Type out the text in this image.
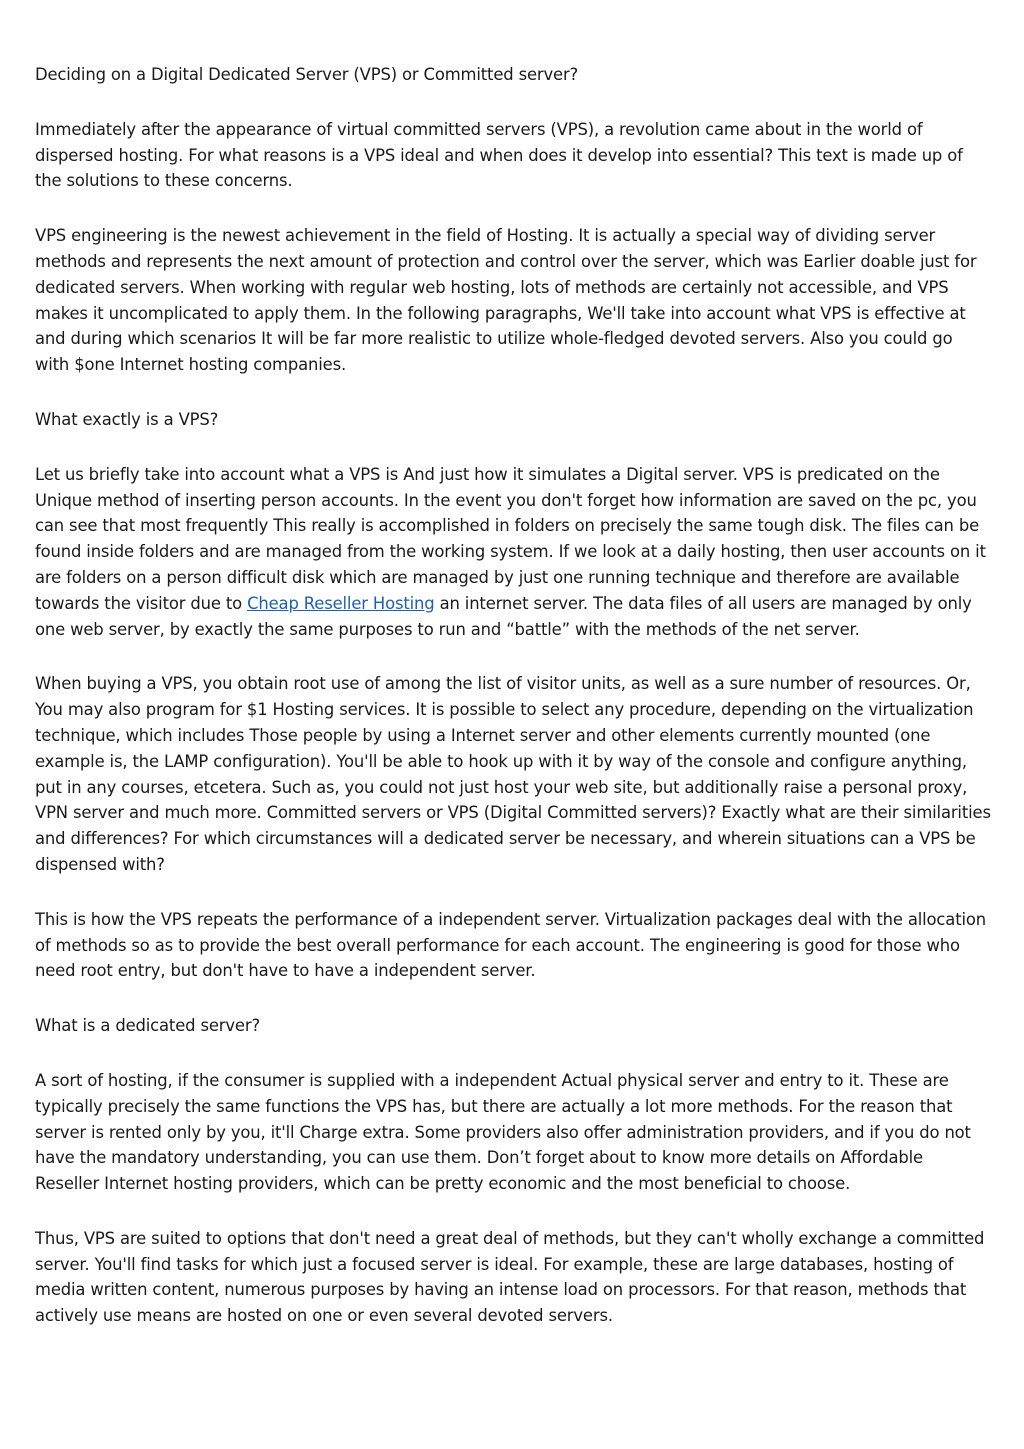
Deciding on a Digital Dedicated Server (VPS) or Committed server?

Immediately after the appearance of virtual committed servers (VPS), a revolution came about in the world of dispersed hosting. For what reasons is a VPS ideal and when does it develop into essential? This text is made up of the solutions to these concerns.

VPS engineering is the newest achievement in the field of Hosting. It is actually a special way of dividing server methods and represents the next amount of protection and control over the server, which was Earlier doable just for dedicated servers. When working with regular web hosting, lots of methods are certainly not accessible, and VPS makes it uncomplicated to apply them. In the following paragraphs, We'll take into account what VPS is effective at and during which scenarios It will be far more realistic to utilize whole-fledged devoted servers. Also you could go with $one Internet hosting companies.

What exactly is a VPS?

Let us briefly take into account what a VPS is And just how it simulates a Digital server. VPS is predicated on the Unique method of inserting person accounts. In the event you don't forget how information are saved on the pc, you can see that most frequently This really is accomplished in folders on precisely the same tough disk. The files can be found inside folders and are managed from the working system. If we look at a daily hosting, then user accounts on it are folders on a person difficult disk which are managed by just one running technique and therefore are available towards the visitor due to Cheap Reseller Hosting an internet server. The data files of all users are managed by only one web server, by exactly the same purposes to run and “battle” with the methods of the net server.

When buying a VPS, you obtain root use of among the list of visitor units, as well as a sure number of resources. Or, You may also program for $1 Hosting services. It is possible to select any procedure, depending on the virtualization technique, which includes Those people by using a Internet server and other elements currently mounted (one example is, the LAMP configuration). You'll be able to hook up with it by way of the console and configure anything, put in any courses, etcetera. Such as, you could not just host your web site, but additionally raise a personal proxy, VPN server and much more. Committed servers or VPS (Digital Committed servers)? Exactly what are their similarities and differences? For which circumstances will a dedicated server be necessary, and wherein situations can a VPS be dispensed with?

This is how the VPS repeats the performance of a independent server. Virtualization packages deal with the allocation of methods so as to provide the best overall performance for each account. The engineering is good for those who need root entry, but don't have to have a independent server.

What is a dedicated server?

A sort of hosting, if the consumer is supplied with a independent Actual physical server and entry to it. These are typically precisely the same functions the VPS has, but there are actually a lot more methods. For the reason that server is rented only by you, it'll Charge extra. Some providers also offer administration providers, and if you do not have the mandatory understanding, you can use them. Don’t forget about to know more details on Affordable Reseller Internet hosting providers, which can be pretty economic and the most beneficial to choose.

Thus, VPS are suited to options that don't need a great deal of methods, but they can't wholly exchange a committed server. You'll find tasks for which just a focused server is ideal. For example, these are large databases, hosting of media written content, numerous purposes by having an intense load on processors. For that reason, methods that actively use means are hosted on one or even several devoted servers.
